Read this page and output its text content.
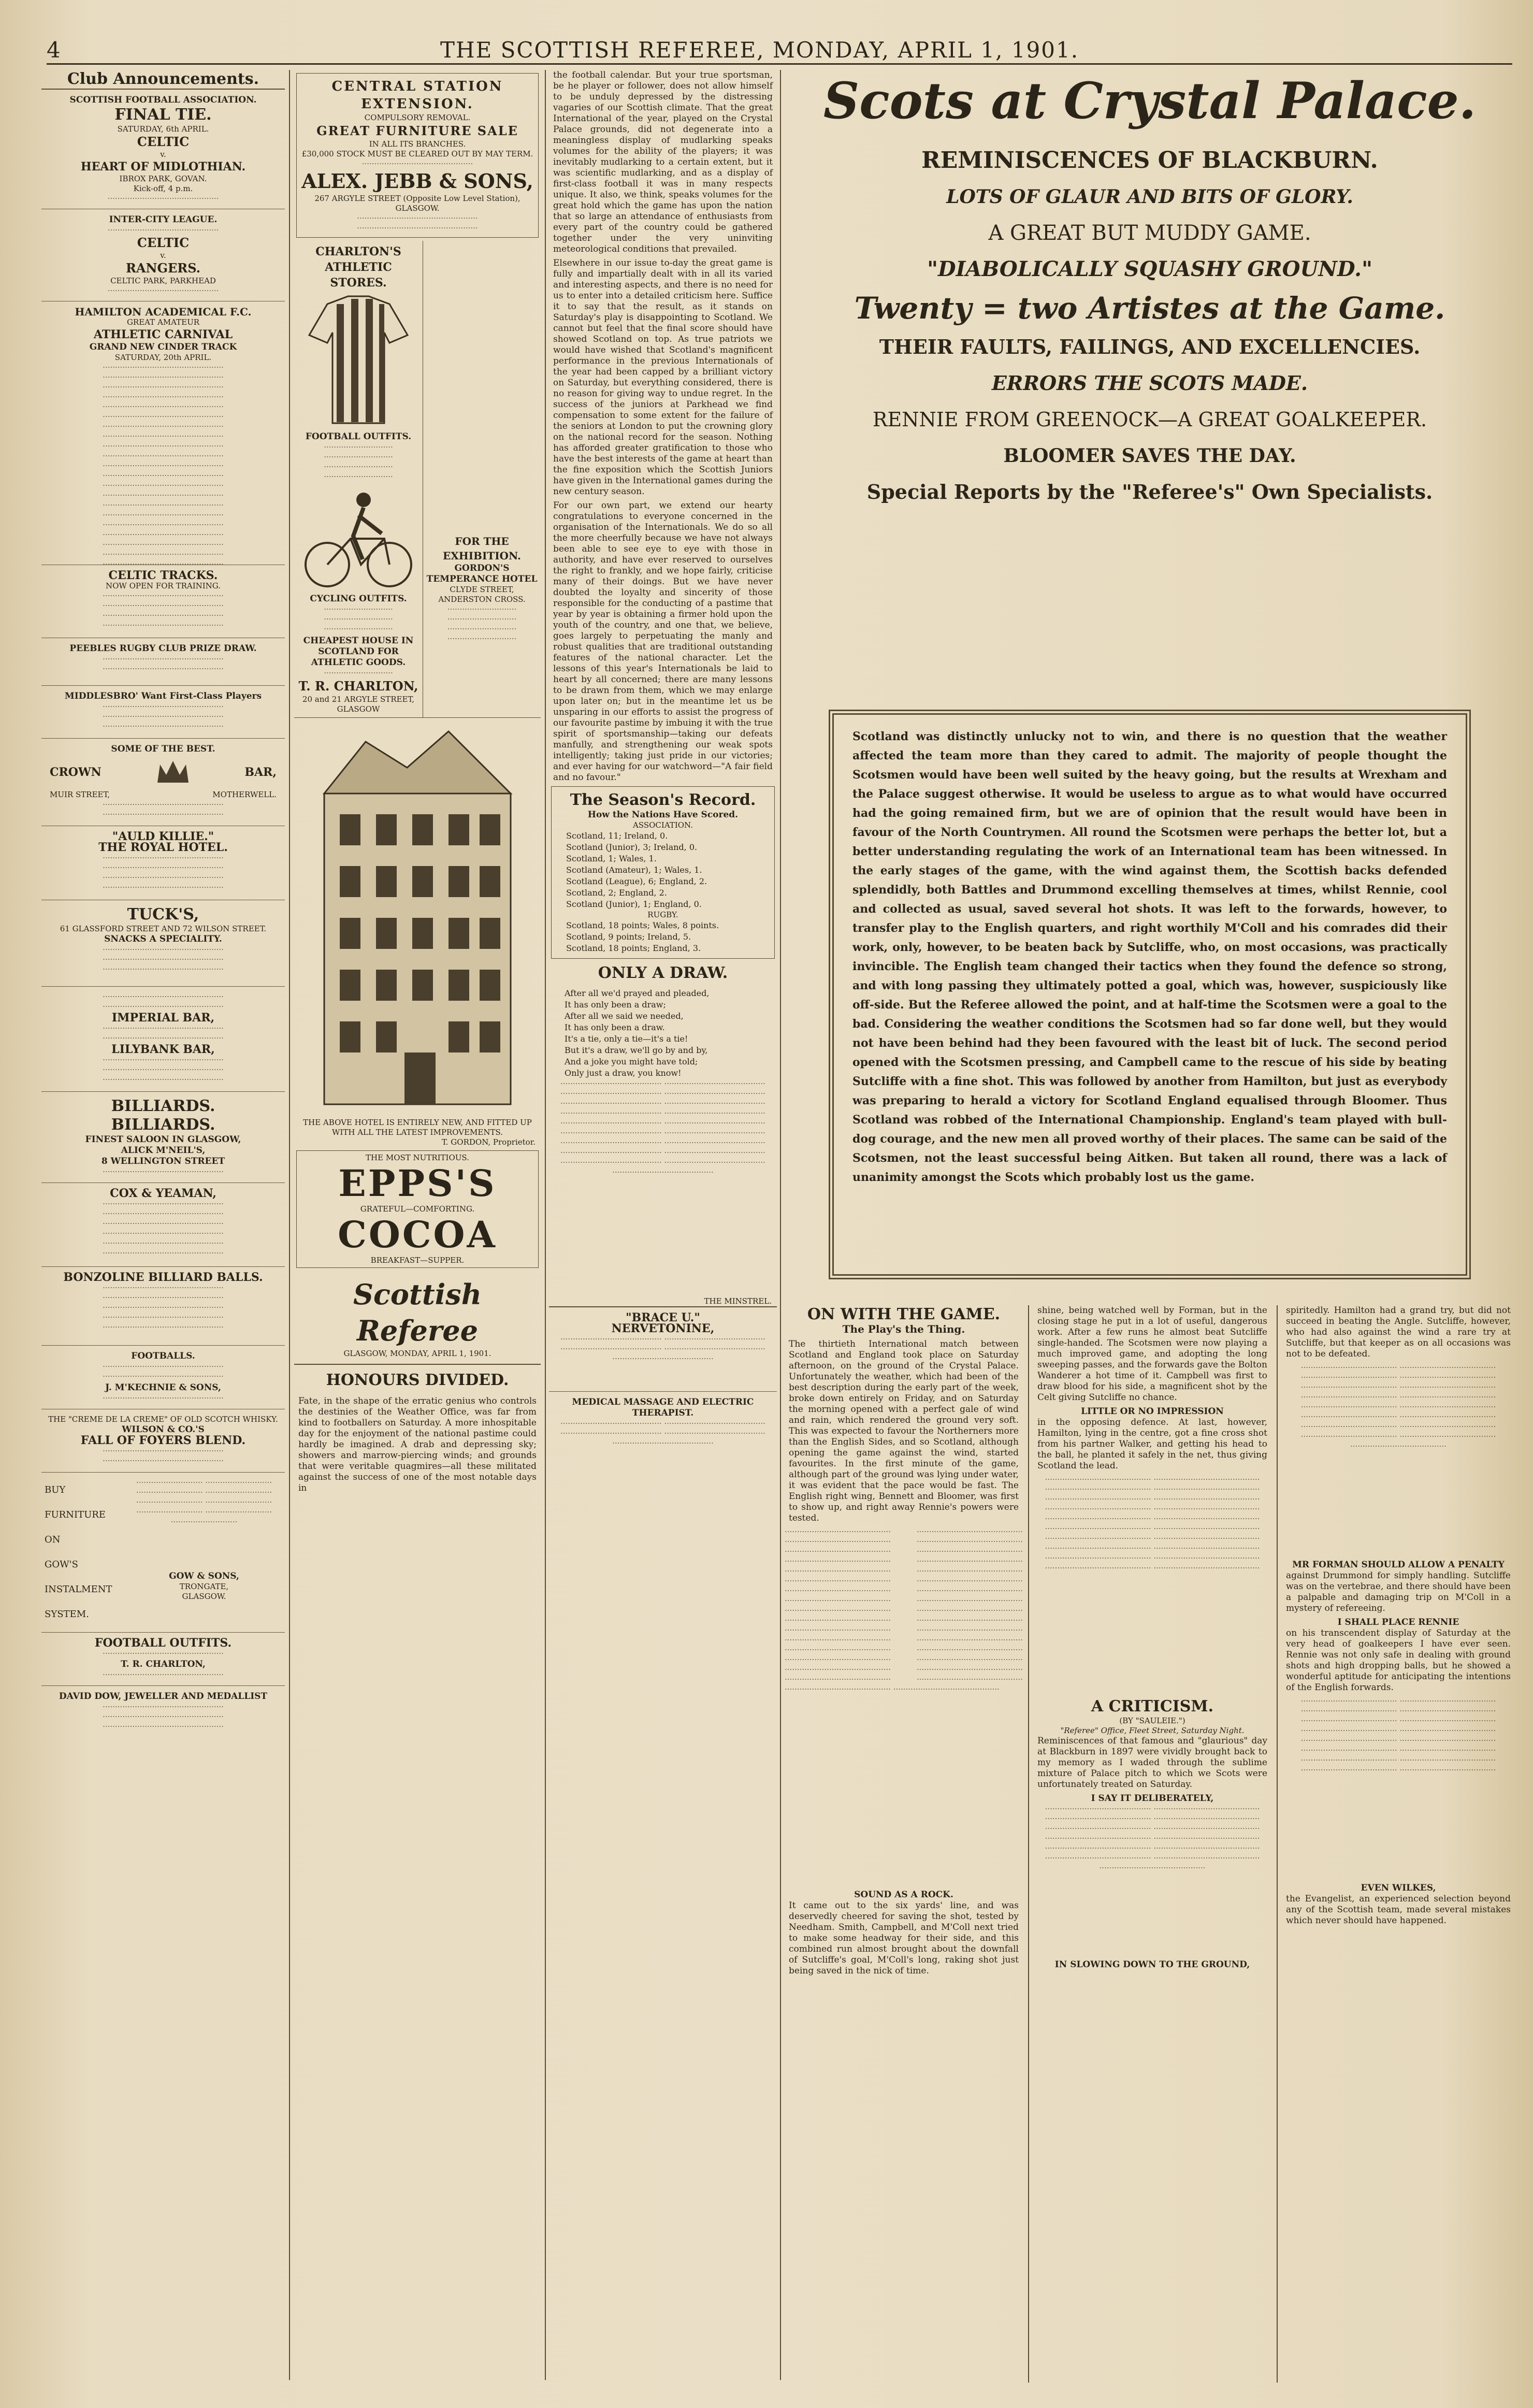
4	THE SCOTTISH REFEREE, MONDAY, APRIL 1, 1901.
Club Announcements.
SCOTTISH FOOTBALL ASSOCIATION.
FINAL TIE.
SATURDAY, 6th APRIL.
CELTIC
v.
HEART OF MIDLOTHIAN.
IBROX PARK, GOVAN.
Kick-off, 4 p.m.
·············································
INTER-CITY LEAGUE.
·············································
CELTIC
v.
RANGERS.
CELTIC PARK, PARKHEAD
·············································
HAMILTON ACADEMICAL F.C.
GREAT AMATEUR
ATHLETIC CARNIVAL
GRAND NEW CINDER TRACK
SATURDAY, 20th APRIL.
················································· ················································· ················································· ················································· ················································· ················································· ················································· ················································· ················································· ················································· ················································· ················································· ················································· ················································· ················································· ················································· ················································· ················································· ················································· ················································· ·················································
CELTIC TRACKS.
NOW OPEN FOR TRAINING.
················································· ················································· ················································· ·················································
PEEBLES RUGBY CLUB PRIZE DRAW.
················································· ·················································
MIDDLESBRO' Want First-Class Players
················································· ················································· ·················································
SOME OF THE BEST.
CROWN	BAR,
MUIR STREET,	MOTHERWELL.
················································· ·················································
"AULD KILLIE."
THE ROYAL HOTEL.
················································· ················································· ················································· ·················································
TUCK'S,
61 GLASSFORD STREET AND 72 WILSON STREET.
SNACKS A SPECIALITY.
················································· ················································· ·················································
················································· ·················································
IMPERIAL BAR,
················································· ·················································
LILYBANK BAR,
················································· ················································· ·················································
BILLIARDS.
BILLIARDS.
FINEST SALOON IN GLASGOW,
ALICK M'NEIL'S,
8 WELLINGTON STREET
·················································
COX & YEAMAN,
················································· ················································· ················································· ················································· ················································· ·················································
BONZOLINE BILLIARD BALLS.
················································· ················································· ················································· ················································· ·················································
FOOTBALLS.
················································· ·················································
J. M'KECHNIE & SONS,
·················································
THE "CREME DE LA CREME" OF OLD SCOTCH WHISKY.
WILSON & CO.'S
FALL OF FOYERS BLEND.
················································· ·················································
BUY
FURNITURE
ON
GOW'S
INSTALMENT
SYSTEM.
··························· ··························· ··························· ··························· ··························· ··························· ··························· ··························· ···························
GOW & SONS,
TRONGATE,
GLASGOW.
FOOTBALL OUTFITS.
·················································
T. R. CHARLTON,
·················································
DAVID DOW, JEWELLER AND MEDALLIST
················································· ················································· ·················································
CENTRAL STATION EXTENSION.
COMPULSORY REMOVAL.
GREAT FURNITURE SALE
IN ALL ITS BRANCHES.
£30,000 STOCK MUST BE CLEARED OUT BY MAY TERM.
·············································
ALEX. JEBB & SONS,
267 ARGYLE STREET (Opposite Low Level Station), GLASGOW.
················································· ·················································
CHARLTON'S
ATHLETIC STORES.
FOOTBALL OUTFITS.
···························· ···························· ···························· ····························
CYCLING OUTFITS.
···························· ···························· ····························
CHEAPEST HOUSE IN SCOTLAND FOR ATHLETIC GOODS.
····························
T. R. CHARLTON,
20 and 21 ARGYLE STREET, GLASGOW
FOR THE EXHIBITION.
GORDON'S TEMPERANCE HOTEL
CLYDE STREET, ANDERSTON CROSS.
···························· ···························· ···························· ····························
THE ABOVE HOTEL IS ENTIRELY NEW, AND FITTED UP WITH ALL THE LATEST IMPROVEMENTS.
T. GORDON, Proprietor.
THE MOST NUTRITIOUS.
EPPS'S
GRATEFUL—COMFORTING.
COCOA
BREAKFAST—SUPPER.
Scottish Referee
GLASGOW, MONDAY, APRIL 1, 1901.
HONOURS DIVIDED.

Fate, in the shape of the erratic genius who controls the destinies of the Weather Office, was far from kind to footballers on Saturday. A more inhospitable day for the enjoyment of the national pastime could hardly be imagined. A drab and depressing sky; showers and marrow-piercing winds; and grounds that were veritable quagmires—all these militated against the success of one of the most notable days in

the football calendar. But your true sportsman, be he player or follower, does not allow himself to be unduly depressed by the distressing vagaries of our Scottish climate. That the great International of the year, played on the Crystal Palace grounds, did not degenerate into a meaningless display of mudlarking speaks volumes for the ability of the players; it was inevitably mudlarking to a certain extent, but it was scientific mudlarking, and as a display of first-class football it was in many respects unique. It also, we think, speaks volumes for the great hold which the game has upon the nation that so large an attendance of enthusiasts from every part of the country could be gathered together under the very uninviting meteorological conditions that prevailed.

Elsewhere in our issue to-day the great game is fully and impartially dealt with in all its varied and interesting aspects, and there is no need for us to enter into a detailed criticism here. Suffice it to say that the result, as it stands on Saturday's play is disappointing to Scotland. We cannot but feel that the final score should have showed Scotland on top. As true patriots we would have wished that Scotland's magnificent performance in the previous Internationals of the year had been capped by a brilliant victory on Saturday, but everything considered, there is no reason for giving way to undue regret. In the success of the juniors at Parkhead we find compensation to some extent for the failure of the seniors at London to put the crowning glory on the national record for the season. Nothing has afforded greater gratification to those who have the best interests of the game at heart than the fine exposition which the Scottish Juniors have given in the International games during the new century season.

For our own part, we extend our hearty congratulations to everyone concerned in the organisation of the Internationals. We do so all the more cheerfully because we have not always been able to see eye to eye with those in authority, and have ever reserved to ourselves the right to frankly, and we hope fairly, criticise many of their doings. But we have never doubted the loyalty and sincerity of those responsible for the conducting of a pastime that year by year is obtaining a firmer hold upon the youth of the country, and one that, we believe, goes largely to perpetuating the manly and robust qualities that are traditional outstanding features of the national character. Let the lessons of this year's Internationals be laid to heart by all concerned; there are many lessons to be drawn from them, which we may enlarge upon later on; but in the meantime let us be unsparing in our efforts to assist the progress of our favourite pastime by imbuing it with the true spirit of sportsmanship—taking our defeats manfully, and strengthening our weak spots intelligently; taking just pride in our victories; and ever having for our watchword—"A fair field and no favour."

The Season's Record.
How the Nations Have Scored.
ASSOCIATION.
Scotland, 11; Ireland, 0.
Scotland (Junior), 3; Ireland, 0.
Scotland, 1; Wales, 1.
Scotland (Amateur), 1; Wales, 1.
Scotland (League), 6; England, 2.
Scotland, 2; England, 2.
Scotland (Junior), 1; England, 0.
RUGBY.
Scotland, 18 points; Wales, 8 points.
Scotland, 9 points; Ireland, 5.
Scotland, 18 points; England, 3.
ONLY A DRAW.
After all we'd prayed and pleaded,
It has only been a draw;
After all we said we needed,
It has only been a draw.
It's a tie, only a tie—it's a tie!
But it's a draw, we'll go by and by,
And a joke you might have told;
Only just a draw, you know!
········································· ········································· ········································· ········································· ········································· ········································· ········································· ········································· ········································· ········································· ········································· ········································· ········································· ········································· ········································· ········································· ········································· ········································· ·········································
THE MINSTREL.
"BRACE U."
NERVETONINE,
········································· ········································· ········································· ········································· ·········································
MEDICAL MASSAGE AND ELECTRIC THERAPIST.
········································· ········································· ········································· ········································· ·········································
Scots at Crystal Palace.
REMINISCENCES OF BLACKBURN.
LOTS OF GLAUR AND BITS OF GLORY.
A GREAT BUT MUDDY GAME.
"DIABOLICALLY SQUASHY GROUND."
Twenty = two Artistes at the Game.
THEIR FAULTS, FAILINGS, AND EXCELLENCIES.
ERRORS THE SCOTS MADE.
RENNIE FROM GREENOCK—A GREAT GOALKEEPER.
BLOOMER SAVES THE DAY.
Special Reports by the "Referee's" Own Specialists.
Scotland was distinctly unlucky not to win, and there is no question that the weather affected the team more than they cared to admit. The majority of people thought the Scotsmen would have been well suited by the heavy going, but the results at Wrexham and the Palace suggest otherwise. It would be useless to argue as to what would have occurred had the going remained firm, but we are of opinion that the result would have been in favour of the North Countrymen. All round the Scotsmen were perhaps the better lot, but a better understanding regulating the work of an International team has been witnessed. In the early stages of the game, with the wind against them, the Scottish backs defended splendidly, both Battles and Drummond excelling themselves at times, whilst Rennie, cool and collected as usual, saved several hot shots. It was left to the forwards, however, to transfer play to the English quarters, and right worthily M'Coll and his comrades did their work, only, however, to be beaten back by Sutcliffe, who, on most occasions, was practically invincible. The English team changed their tactics when they found the defence so strong, and with long passing they ultimately potted a goal, which was, however, suspiciously like off-side. But the Referee allowed the point, and at half-time the Scotsmen were a goal to the bad. Considering the weather conditions the Scotsmen had so far done well, but they would not have been behind had they been favoured with the least bit of luck. The second period opened with the Scotsmen pressing, and Campbell came to the rescue of his side by beating Sutcliffe with a fine shot. This was followed by another from Hamilton, but just as everybody was preparing to herald a victory for Scotland England equalised through Bloomer. Thus Scotland was robbed of the International Championship. England's team played with bull-dog courage, and the new men all proved worthy of their places. The same can be said of the Scotsmen, not the least successful being Aitken. But taken all round, there was a lack of unanimity amongst the Scots which probably lost us the game.
ON WITH THE GAME.
The Play's the Thing.

The thirtieth International match between Scotland and England took place on Saturday afternoon, on the ground of the Crystal Palace. Unfortunately the weather, which had been of the best description during the early part of the week, broke down entirely on Friday, and on Saturday the morning opened with a perfect gale of wind and rain, which rendered the ground very soft. This was expected to favour the Northerners more than the English Sides, and so Scotland, although opening the game against the wind, started favourites. In the first minute of the game, although part of the ground was lying under water, it was evident that the pace would be fast. The English right wing, Bennett and Bloomer, was first to show up, and right away Rennie's powers were tested.

··········································· ··········································· ··········································· ··········································· ··········································· ··········································· ··········································· ··········································· ··········································· ··········································· ··········································· ··········································· ··········································· ··········································· ··········································· ··········································· ··········································· ··········································· ··········································· ··········································· ··········································· ··········································· ··········································· ··········································· ··········································· ··········································· ··········································· ··········································· ··········································· ··········································· ··········································· ··········································· ··········································· ···········································
SOUND AS A ROCK.

It came out to the six yards' line, and was deservedly cheered for saving the shot, tested by Needham. Smith, Campbell, and M'Coll next tried to make some headway for their side, and this combined run almost brought about the downfall of Sutcliffe's goal, M'Coll's long, raking shot just being saved in the nick of time.

shine, being watched well by Forman, but in the closing stage he put in a lot of useful, dangerous work. After a few runs he almost beat Sutcliffe single-handed. The Scotsmen were now playing a much improved game, and adopting the long sweeping passes, and the forwards gave the Bolton Wanderer a hot time of it. Campbell was first to draw blood for his side, a magnificent shot by the Celt giving Sutcliffe no chance.

LITTLE OR NO IMPRESSION

in the opposing defence. At last, however, Hamilton, lying in the centre, got a fine cross shot from his partner Walker, and getting his head to the ball, he planted it safely in the net, thus giving Scotland the lead.

··········································· ··········································· ··········································· ··········································· ··········································· ··········································· ··········································· ··········································· ··········································· ··········································· ··········································· ··········································· ··········································· ··········································· ··········································· ··········································· ··········································· ··········································· ··········································· ···········································
A CRITICISM.
(BY "SAULEIE.")
"Referee" Office, Fleet Street, Saturday Night.

Reminiscences of that famous and "glaurious" day at Blackburn in 1897 were vividly brought back to my memory as I waded through the sublime mixture of Palace pitch to which we Scots were unfortunately treated on Saturday.

I SAY IT DELIBERATELY,
··········································· ··········································· ··········································· ··········································· ··········································· ··········································· ··········································· ··········································· ··········································· ··········································· ··········································· ··········································· ···········································
IN SLOWING DOWN TO THE GROUND,

spiritedly. Hamilton had a grand try, but did not succeed in beating the Angle. Sutcliffe, however, who had also against the wind a rare try at Sutcliffe, but that keeper as on all occasions was not to be defeated.

······································· ······································· ······································· ······································· ······································· ······································· ······································· ······································· ······································· ······································· ······································· ······································· ······································· ······································· ······································· ······································· ·······································
MR FORMAN SHOULD ALLOW A PENALTY

against Drummond for simply handling. Sutcliffe was on the vertebrae, and there should have been a palpable and damaging trip on M'Coll in a mystery of refereeing.

I SHALL PLACE RENNIE

on his transcendent display of Saturday at the very head of goalkeepers I have ever seen. Rennie was not only safe in dealing with ground shots and high dropping balls, but he showed a wonderful aptitude for anticipating the intentions of the English forwards.

······································· ······································· ······································· ······································· ······································· ······································· ······································· ······································· ······································· ······································· ······································· ······································· ······································· ······································· ······································· ·······································
EVEN WILKES,

the Evangelist, an experienced selection beyond any of the Scottish team, made several mistakes which never should have happened.
